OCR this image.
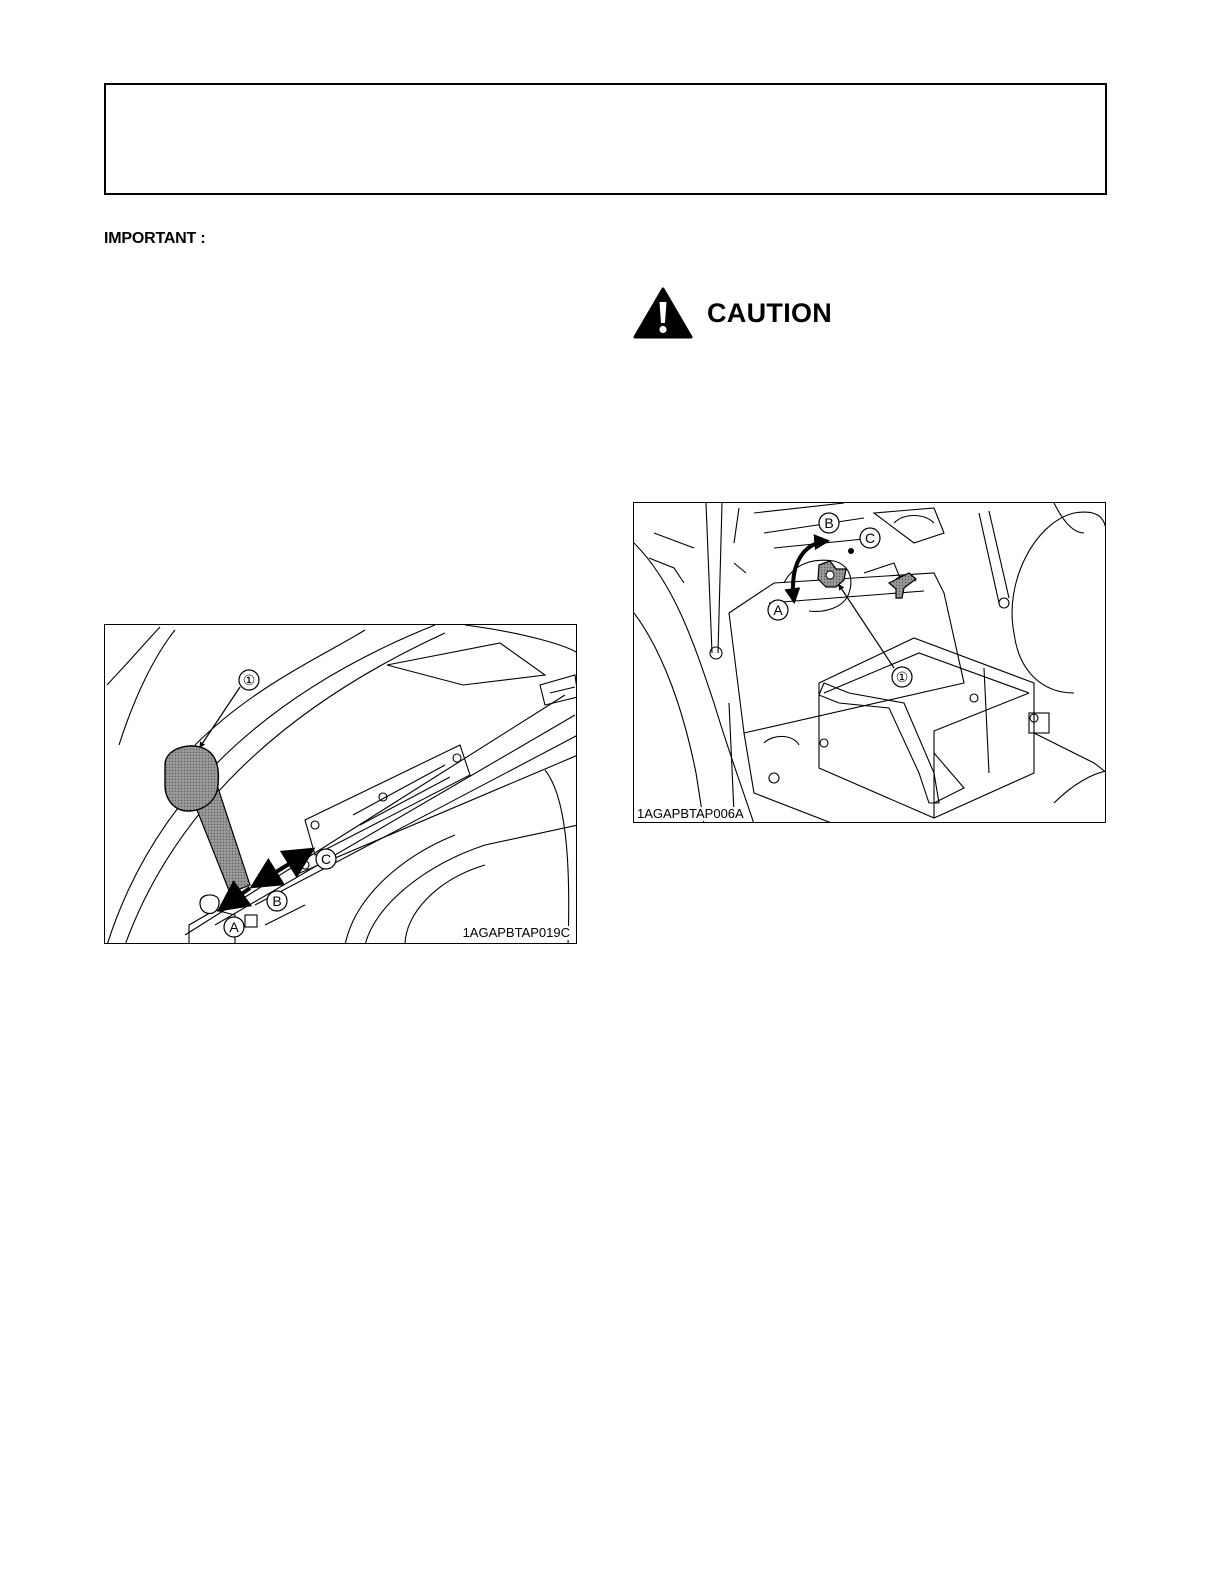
IMPORTANT :
CAUTION
①
A
B
C
1AGAPBTAP019C
B
C
A
①
1AGAPBTAP006A
